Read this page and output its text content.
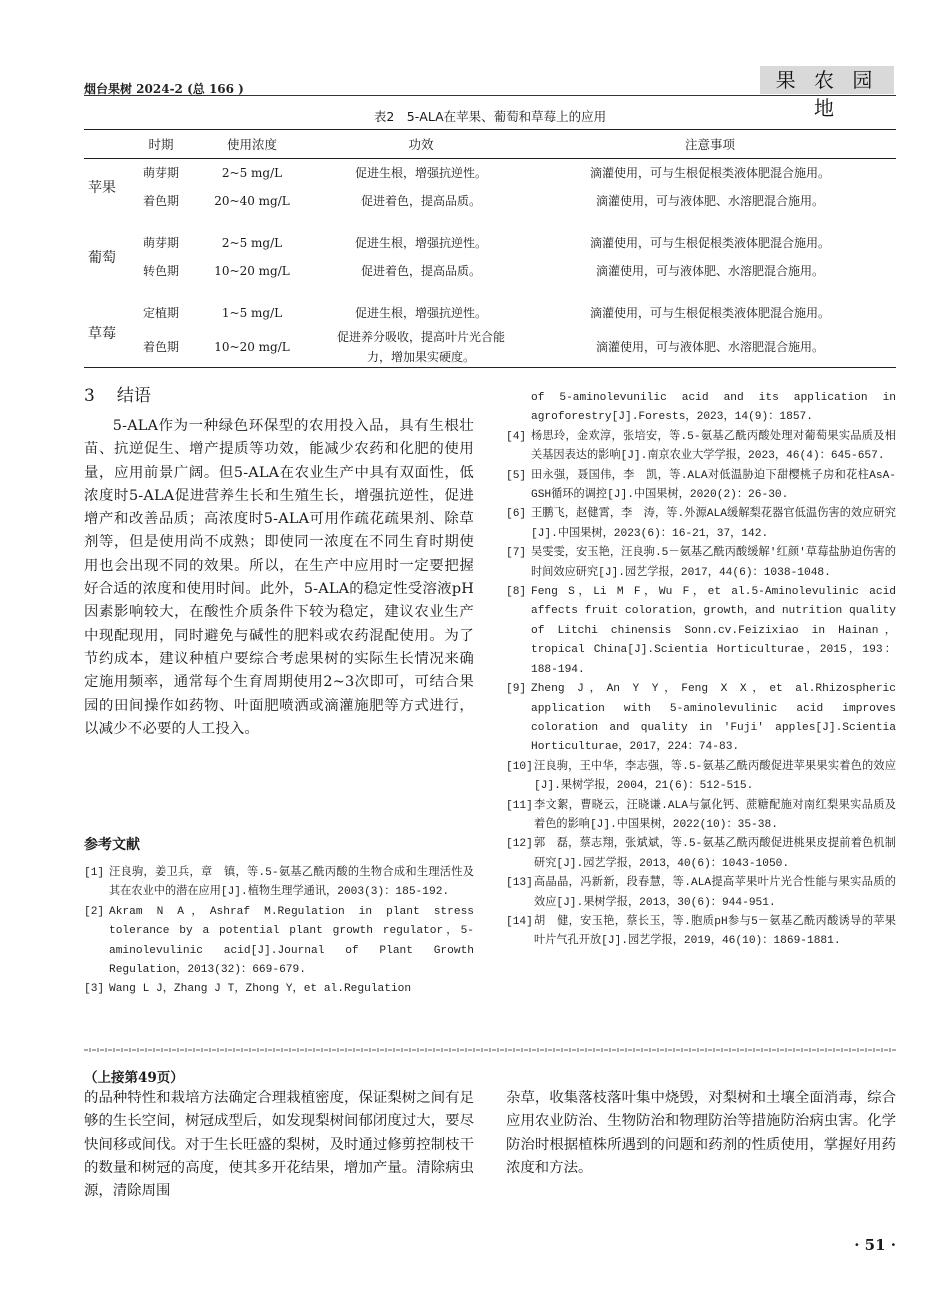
烟台果树 2024-2 (总 166 )	果 农 园 地
表2　5-ALA在苹果、葡萄和草莓上的应用
	时期	使用浓度	功效	注意事项
苹果	萌芽期	2~5 mg/L	促进生根，增强抗逆性。	滴灌使用，可与生根促根类液体肥混合施用。
	着色期	20~40 mg/L	促进着色，提高品质。	滴灌使用，可与液体肥、水溶肥混合施用。

葡萄	萌芽期	2~5 mg/L	促进生根，增强抗逆性。	滴灌使用，可与生根促根类液体肥混合施用。
	转色期	10~20 mg/L	促进着色，提高品质。	滴灌使用，可与液体肥、水溶肥混合施用。

草莓	定植期	1~5 mg/L	促进生根，增强抗逆性。	滴灌使用，可与生根促根类液体肥混合施用。
	着色期	10~20 mg/L	促进养分吸收，提高叶片光合能
力，增加果实硬度。	滴灌使用，可与液体肥、水溶肥混合施用。
3 结语
5-ALA作为一种绿色环保型的农用投入品，具有生根壮苗、抗逆促生、增产提质等功效，能减少农药和化肥的使用量，应用前景广阔。但5-ALA在农业生产中具有双面性，低浓度时5-ALA促进营养生长和生殖生长，增强抗逆性，促进增产和改善品质；高浓度时5-ALA可用作疏花疏果剂、除草剂等，但是使用尚不成熟；即使同一浓度在不同生育时期使用也会出现不同的效果。所以，在生产中应用时一定要把握好合适的浓度和使用时间。此外，5-ALA的稳定性受溶液pH因素影响较大，在酸性介质条件下较为稳定，建议农业生产中现配现用，同时避免与碱性的肥料或农药混配使用。为了节约成本，建议种植户要综合考虑果树的实际生长情况来确定施用频率，通常每个生育周期使用2~3次即可，可结合果园的田间操作如药物、叶面肥喷洒或滴灌施肥等方式进行，以减少不必要的人工投入。
参考文献
[1] 汪良驹，姜卫兵，章　镇，等.5-氨基乙酰丙酸的生物合成和生理活性及其在农业中的潜在应用[J].植物生理学通讯，2003(3)：185-192.
[2] Akram N A，Ashraf M.Regulation in plant stress tolerance by a potential plant growth regulator，5-aminolevulinic acid[J].Journal of Plant Growth Regulation，2013(32)：669-679.
[3] Wang L J，Zhang J T，Zhong Y，et al.Regulation
of 5-aminolevunilic acid and its application in agroforestry[J].Forests，2023，14(9)：1857.
[4] 杨思玲，金欢淳，张培安，等.5-氨基乙酰丙酸处理对葡萄果实品质及相关基因表达的影响[J].南京农业大学学报，2023，46(4)：645-657.
[5] 田永强，聂国伟，李　凯，等.ALA对低温胁迫下甜樱桃子房和花柱AsA-GSH循环的调控[J].中国果树，2020(2)：26-30.
[6] 王鹏飞，赵健霄，李　涛，等.外源ALA缓解梨花器官低温伤害的效应研究[J].中国果树，2023(6)：16-21，37，142.
[7] 吴雯雯，安玉艳，汪良驹.5－氨基乙酰丙酸缓解'红颜'草莓盐胁迫伤害的时间效应研究[J].园艺学报，2017，44(6)：1038-1048.
[8] Feng S，Li M F，Wu F，et al.5-Aminolevulinic acid affects fruit coloration，growth，and nutrition quality of Litchi chinensis Sonn.cv.Feizixiao in Hainan，tropical China[J].Scientia Horticulturae，2015，193：188-194.
[9] Zheng J，An Y Y，Feng X X，et al.Rhizospheric application with 5-aminolevulinic acid improves coloration and quality in 'Fuji' apples[J].Scientia Horticulturae，2017，224：74-83.
[10] 汪良驹，王中华，李志强，等.5-氨基乙酰丙酸促进苹果果实着色的效应[J].果树学报，2004，21(6)：512-515.
[11] 李文絮，曹晓云，汪晓谦.ALA与氯化钙、蔗糖配施对南红梨果实品质及着色的影响[J].中国果树，2022(10)：35-38.
[12] 郭　磊，蔡志翔，张斌斌，等.5-氨基乙酰丙酸促进桃果皮提前着色机制研究[J].园艺学报，2013，40(6)：1043-1050.
[13] 高晶晶，冯新新，段春慧，等.ALA提高苹果叶片光合性能与果实品质的效应[J].果树学报，2013，30(6)：944-951.
[14] 胡　健，安玉艳，蔡长玉，等.胞质pH参与5－氨基乙酰丙酸诱导的苹果叶片气孔开放[J].园艺学报，2019，46(10)：1869-1881.
（上接第49页）
的品种特性和栽培方法确定合理栽植密度，保证梨树之间有足够的生长空间，树冠成型后，如发现梨树间郁闭度过大，要尽快间移或间伐。对于生长旺盛的梨树，及时通过修剪控制枝干的数量和树冠的高度，使其多开花结果，增加产量。清除病虫源，清除周围
杂草，收集落枝落叶集中烧毁，对梨树和土壤全面消毒，综合应用农业防治、生物防治和物理防治等措施防治病虫害。化学防治时根据植株所遇到的问题和药剂的性质使用，掌握好用药浓度和方法。
· 51 ·
